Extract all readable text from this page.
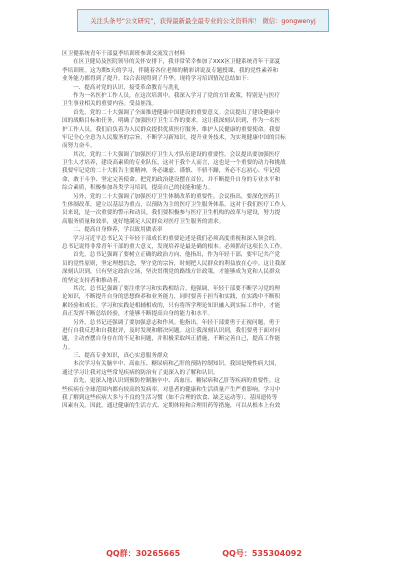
关注头条号“公文研究”，获得最新最全最专业的公文资料库！ 微信：gongwenyj
区卫健系统青年干部夏季培训班参训交流发言材料
在区卫健局及医院领导的关怀安排下，我非常荣幸参加了XXX区卫健系统青年干部夏
季培训班。这为期5天的学习，伴随着各位老师的精彩讲说及专题授课，我的党性素养和
业务能力都得到了提升。综合表现得到了升华。现将学习培训情况总结如下：
一、提高对党的认识，接受革命教育与洗礼
作为一名医护工作人员，在这次培训中，我深入学习了党的方针政策，特别是与医疗
卫生事业相关的重要内容。受益匪浅。
首先，党的二十大强调了全面推进健康中国建设的重要意义。会议提出了建设健康中
国的战略目标和任务，明确了加强医疗卫生工作的要求。这让我深刻认识到，作为一名医
护工作人员，我们肩负着为人民群众提供优质医疗服务，维护人民健康的重要使命。我要
牢记全心全意为人民服务的宗旨，不断学习新知识，提升业务技术，为实现健康中国的目标
而努力奋斗。
其次，党的二十大强调了加强医疗卫生人才队伍建设的重要性。会议提出要加强医疗
卫生人才培养，建设高素质的专业队伍。这对于我个人而言，这也是一个重要的动力和挑战
我要牢记党的二十大报告主要精神，务必谦虚、谨慎、不骄不躁，务必不忘初心、牢记使
命，敢于斗争、坚定完善使命。把党的政治建设摆在首位，并不断提升自身的专业水平和
综合素质，积极参加各类学习培训，提高自己的技能和能力。
另外，党的二十大强调了加强医疗卫生体制改革的重要性。会议指出，要深化医药卫
生体制改革，建立以基层为重点，以预防为主的医疗卫生服务体系。这对于我们医疗工作人
员来说，是一次重要的警示和动员。我们要积极参与医疗卫生机构的改革与建设，努力提
高服务质量和效率，更好地满足人民群众对医疗卫生服务的需求。
二、提高自身修养，学以致用做表率
学习习近平总书记关于年轻干部成长的重要论述是我们必须高度重视和深入领会的。
总书记说得非常青年干部的重大意义，发现培养是最是确的根本。必须抓好这项长久工作。
首先，总书记强调了要树立正确的政治方向、他指出，作为年轻干部，要牢记共产党
员的党性原则，坚定理想信念，坚守党的宗旨，时刻把人民群众的利益放在心中。这让我深
深刻认识到，只有坚定政治立场，坚决贯彻党的路线方针政策，才能够成为党和人民群众
的坚定支持者和推动者。
其次，总书记强调了要注重学习和实践相结合。他强调，年轻干部要不断学习党的理
论知识，不断提升自身的思想修养和业务能力，同时要善于担当和实践，在实践中不断积
累经验和成长。学习和实践是相辅相成的，只有将所学理论知识融入到实际工作中，才能
真正发挥不断总结经验，才能够不断提高自身的能力和水平。
另外，总书记还强调了要加强意志和作风。他指出，年轻干部要勇于正视问题，勇于
进行自我反思和自我批评，及时发现和解决问题。这让我深刻认识到，我们要勇于面对问
题，主动查摆自身存在的不足和问题，并积极采取纠正措施，不断完善自己，提高工作能
力。
三、提高专业知识，真心实意服务群众
本次学习有关脑卒中、高血压、糖尿病和乙肝的预防控制知识，我国是慢性病大国，
通过学习让我对这些常见疾病的防治有了更深入的了解和认识。
首先，更深入地认识到预防控制脑卒中、高血压、糖尿病和乙肝等疾病的重要性。这
些疾病在全球范围内都有较高的发病率，对患者的健康和生活质量产生严重影响。学习中
我了解到这些疾病大多与不良的生活习惯（如不合理的饮食、缺乏运动等）、基因遗传等
因素有关。因此，通过健康的生活方式、定期体检和合理用药等措施，可以从根本上有效
QQ群：30265665	QQ号：535304092
